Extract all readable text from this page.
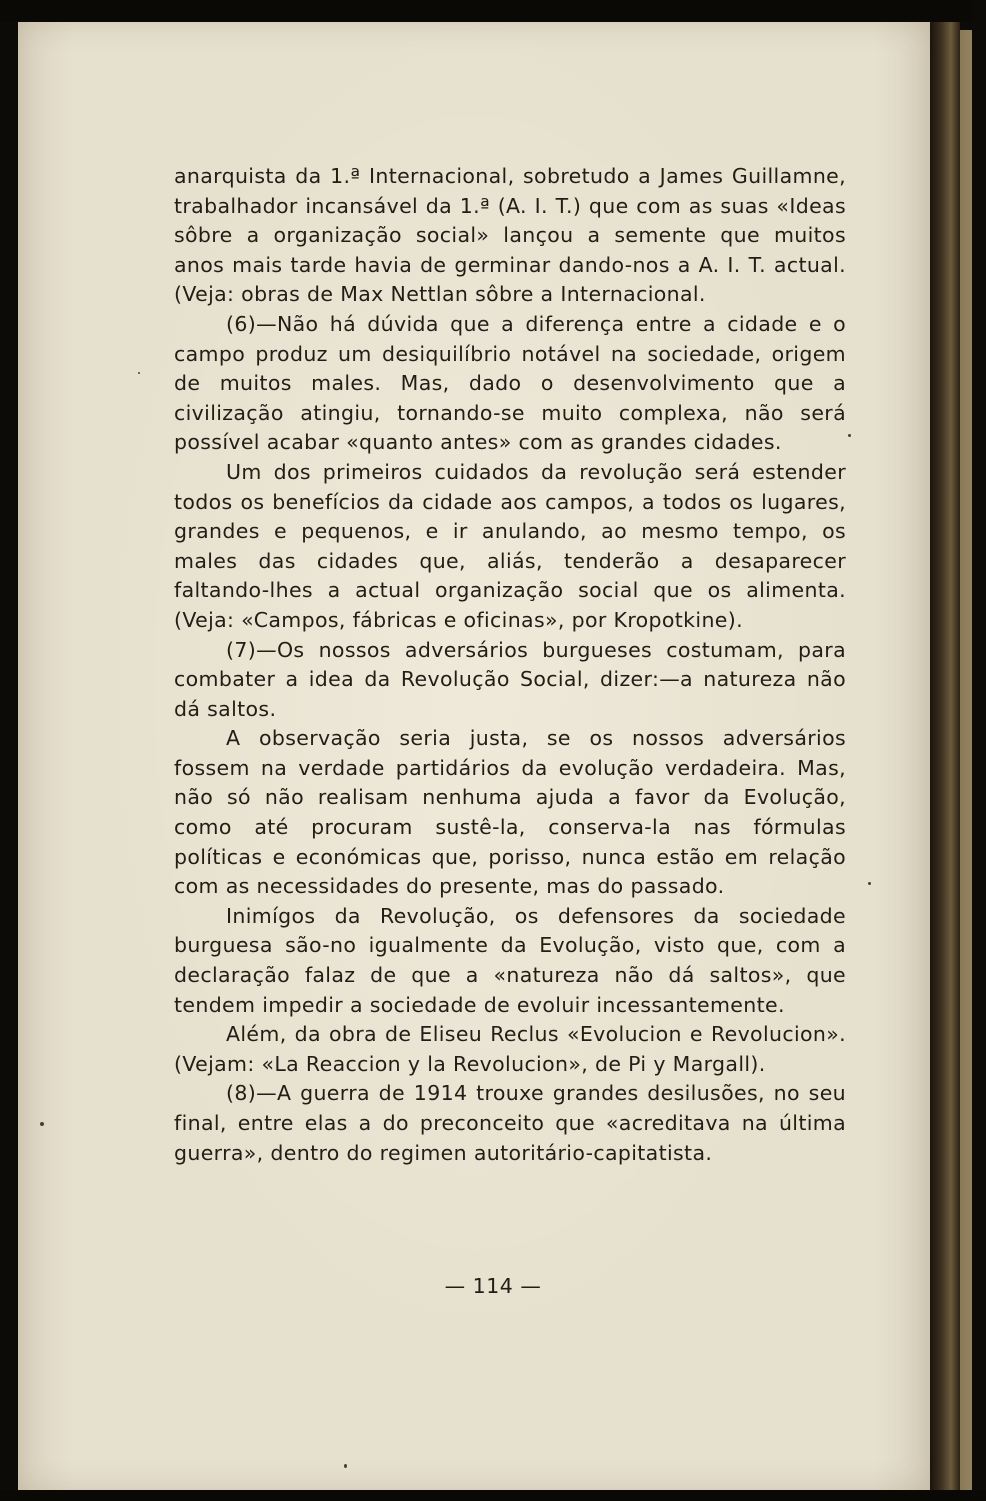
anarquista da 1.ª Internacional, sobretudo a James Guillamne, trabalhador incansável da 1.ª (A. I. T.) que com as suas «Ideas sôbre a organização social» lançou a semente que muitos anos mais tarde havia de germinar dando-nos a A. I. T. actual. (Veja: obras de Max Nettlan sôbre a Internacional.

(6)—Não há dúvida que a diferença entre a cidade e o campo produz um desiquilíbrio notável na sociedade, origem de muitos males. Mas, dado o desenvolvimento que a civilização atingiu, tornando-se muito complexa, não será possível acabar «quanto antes» com as grandes cidades.

Um dos primeiros cuidados da revolução será estender todos os benefícios da cidade aos campos, a todos os lugares, grandes e pequenos, e ir anulando, ao mesmo tempo, os males das cidades que, aliás, tenderão a desaparecer faltando-lhes a actual organização social que os alimenta. (Veja: «Campos, fábricas e oficinas», por Kropotkine).

(7)—Os nossos adversários burgueses costumam, para combater a idea da Revolução Social, dizer:—a natureza não dá saltos.

A observação seria justa, se os nossos adversários fossem na verdade partidários da evolução verdadeira. Mas, não só não realisam nenhuma ajuda a favor da Evolução, como até procuram sustê-la, conserva-la nas fórmulas políticas e económicas que, porisso, nunca estão em relação com as necessidades do presente, mas do passado.

Inimígos da Revolução, os defensores da sociedade burguesa são-no igualmente da Evolução, visto que, com a declaração falaz de que a «natureza não dá saltos», que tendem impedir a sociedade de evoluir incessantemente.

Além, da obra de Eliseu Reclus «Evolucion e Revolucion». (Vejam: «La Reaccion y la Revolucion», de Pi y Margall).

(8)—A guerra de 1914 trouxe grandes desilusões, no seu final, entre elas a do preconceito que «acreditava na última guerra», dentro do regimen autoritário-capitatista.

— 114 —
